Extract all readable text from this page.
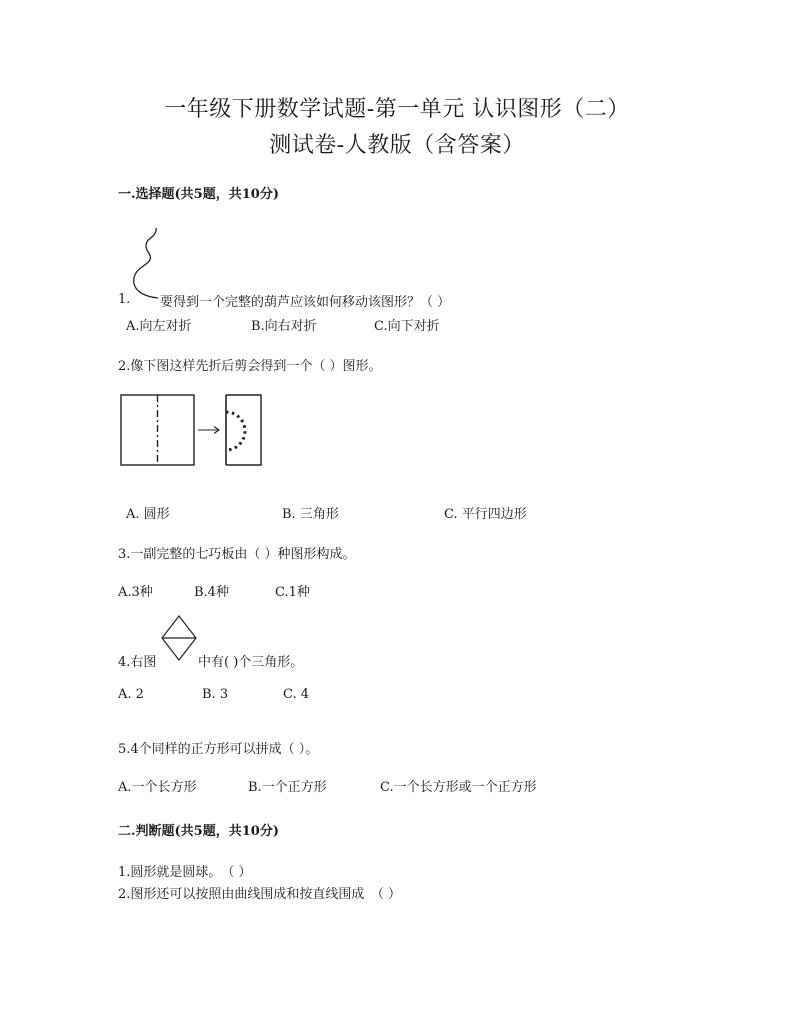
一年级下册数学试题-第一单元 认识图形（二）
测试卷-人教版（含答案）
一.选择题(共5题，共10分)
1. 要得到一个完整的葫芦应该如何移动该图形？（ ）
A.向左对折	B.向右对折	C.向下对折
2.像下图这样先折后剪会得到一个（ ）图形。
A. 圆形	B. 三角形	C. 平行四边形
3.一副完整的七巧板由（ ）种图形构成。
A.3种	B.4种	C.1种
4.右图	中有( )个三角形。
A. 2	B. 3	C. 4
5.4个同样的正方形可以拼成（ ）。
A.一个长方形	B.一个正方形	C.一个长方形或一个正方形
二.判断题(共5题，共10分)
1.圆形就是圆球。　（ ）
2.图形还可以按照由曲线围成和按直线围成　（ ）
